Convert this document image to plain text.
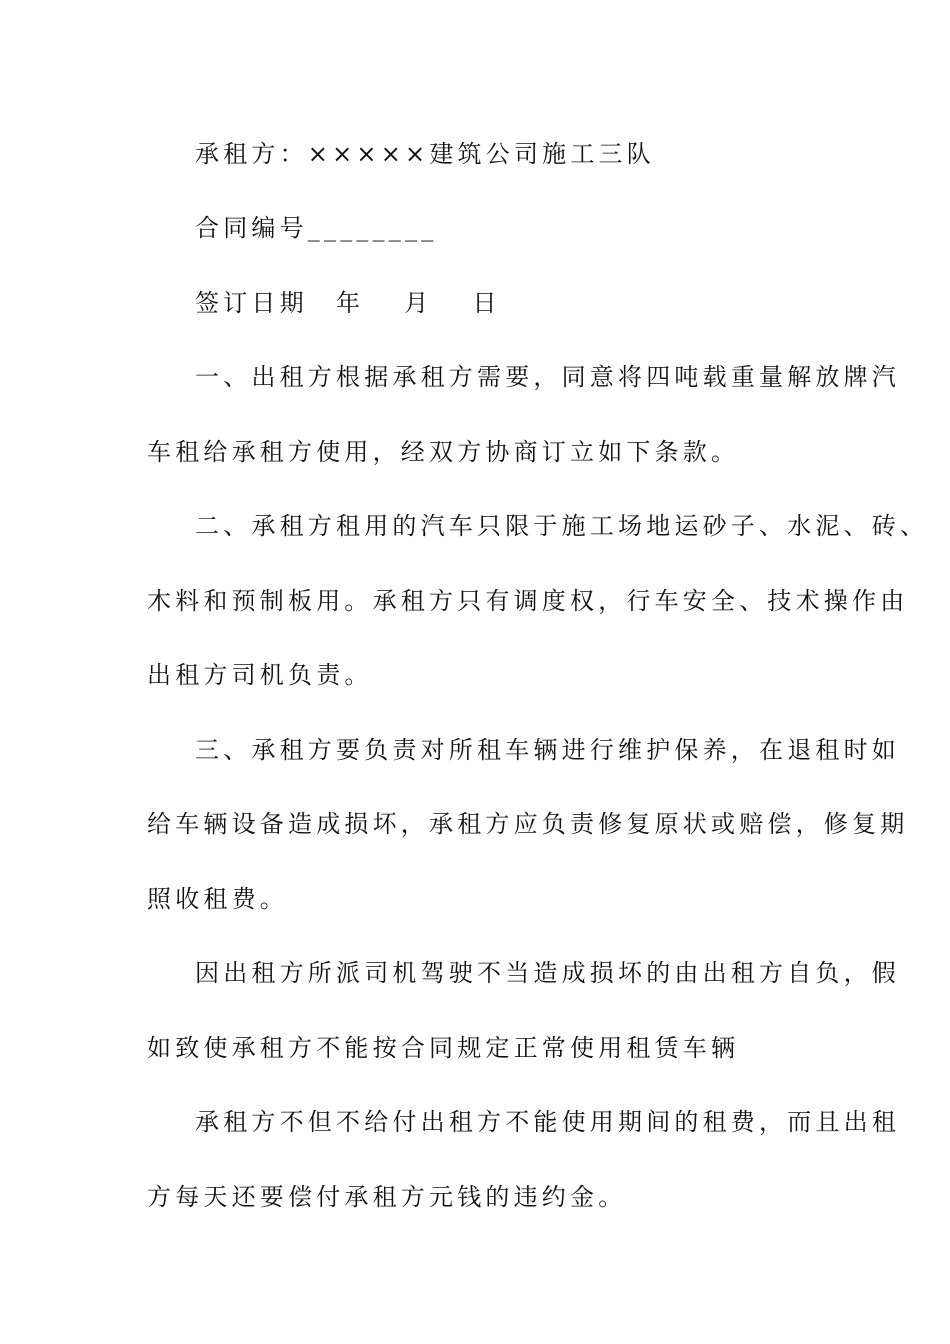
承租方：×××××建筑公司施工三队
合同编号________
签订日期　年　 月　 日
一、出租方根据承租方需要，同意将四吨载重量解放牌汽
车租给承租方使用，经双方协商订立如下条款。
二、承租方租用的汽车只限于施工场地运砂子、水泥、砖、
木料和预制板用。承租方只有调度权，行车安全、技术操作由
出租方司机负责。
三、承租方要负责对所租车辆进行维护保养，在退租时如
给车辆设备造成损坏，承租方应负责修复原状或赔偿，修复期
照收租费。
因出租方所派司机驾驶不当造成损坏的由出租方自负，假
如致使承租方不能按合同规定正常使用租赁车辆
承租方不但不给付出租方不能使用期间的租费，而且出租
方每天还要偿付承租方元钱的违约金。
